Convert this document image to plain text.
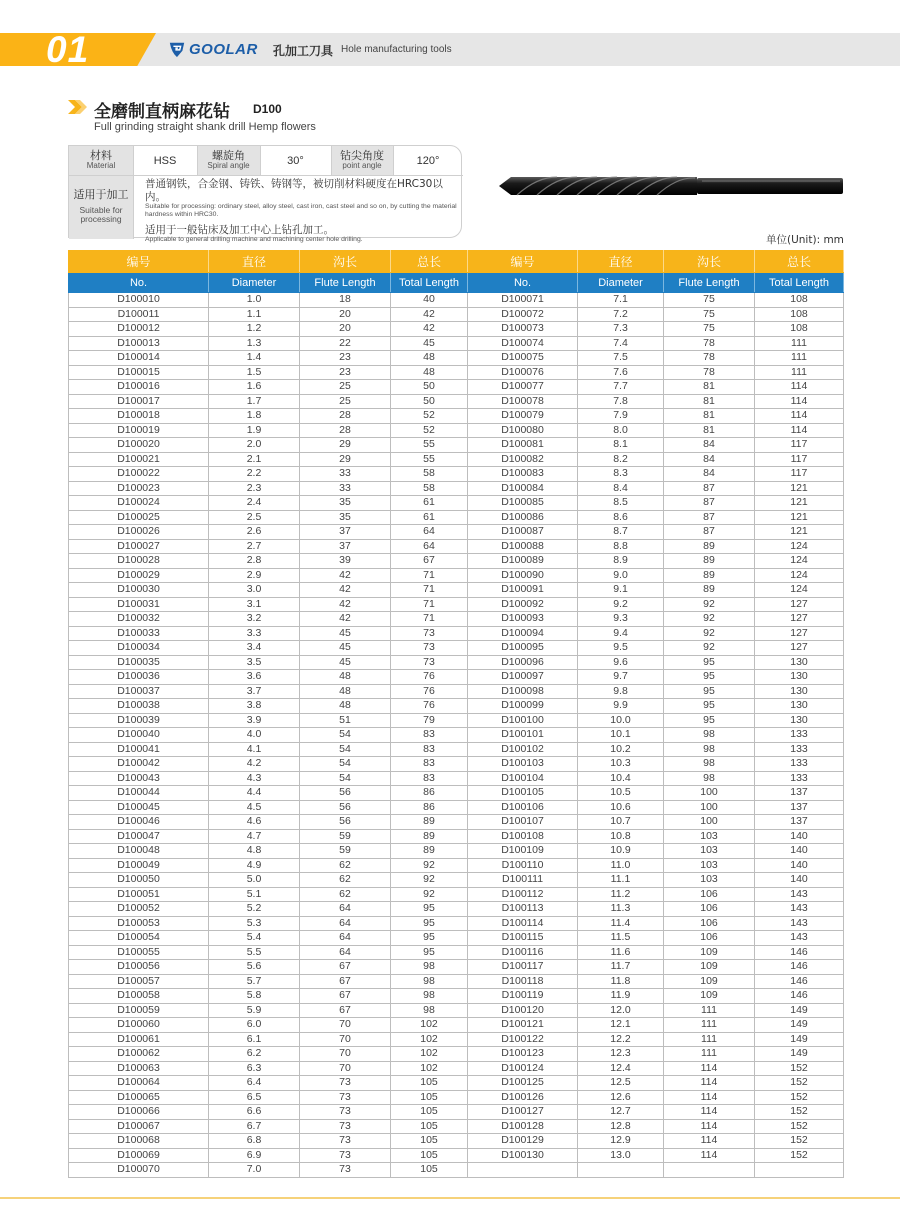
01	GOOLAR 孔加工刀具 Hole manufacturing tools
全磨制直柄麻花钻 D100
Full grinding straight shank drill Hemp flowers
材料
Material	HSS	螺旋角
Spiral angle	30°	钻尖角度
point angle	120°
适用于加工
Suitable for processing
普通钢铁，合金钢、铸铁、铸钢等，被切削材料硬度在HRC30以内。
Suitable for processing: ordinary steel, alloy steel, cast iron, cast steel and so on, by cutting the material hardness within HRC30.
适用于一般钻床及加工中心上钻孔加工。
Applicable to general drilling machine and machining center hole drilling.	单位(Unit): mm
编号	直径	沟长	总长	编号	直径	沟长	总长
No.	Diameter	Flute Length	Total Length	No.	Diameter	Flute Length	Total Length
D100010	1.0	18	40	D100071	7.1	75	108
D100011	1.1	20	42	D100072	7.2	75	108
D100012	1.2	20	42	D100073	7.3	75	108
D100013	1.3	22	45	D100074	7.4	78	111
D100014	1.4	23	48	D100075	7.5	78	111
D100015	1.5	23	48	D100076	7.6	78	111
D100016	1.6	25	50	D100077	7.7	81	114
D100017	1.7	25	50	D100078	7.8	81	114
D100018	1.8	28	52	D100079	7.9	81	114
D100019	1.9	28	52	D100080	8.0	81	114
D100020	2.0	29	55	D100081	8.1	84	117
D100021	2.1	29	55	D100082	8.2	84	117
D100022	2.2	33	58	D100083	8.3	84	117
D100023	2.3	33	58	D100084	8.4	87	121
D100024	2.4	35	61	D100085	8.5	87	121
D100025	2.5	35	61	D100086	8.6	87	121
D100026	2.6	37	64	D100087	8.7	87	121
D100027	2.7	37	64	D100088	8.8	89	124
D100028	2.8	39	67	D100089	8.9	89	124
D100029	2.9	42	71	D100090	9.0	89	124
D100030	3.0	42	71	D100091	9.1	89	124
D100031	3.1	42	71	D100092	9.2	92	127
D100032	3.2	42	71	D100093	9.3	92	127
D100033	3.3	45	73	D100094	9.4	92	127
D100034	3.4	45	73	D100095	9.5	92	127
D100035	3.5	45	73	D100096	9.6	95	130
D100036	3.6	48	76	D100097	9.7	95	130
D100037	3.7	48	76	D100098	9.8	95	130
D100038	3.8	48	76	D100099	9.9	95	130
D100039	3.9	51	79	D100100	10.0	95	130
D100040	4.0	54	83	D100101	10.1	98	133
D100041	4.1	54	83	D100102	10.2	98	133
D100042	4.2	54	83	D100103	10.3	98	133
D100043	4.3	54	83	D100104	10.4	98	133
D100044	4.4	56	86	D100105	10.5	100	137
D100045	4.5	56	86	D100106	10.6	100	137
D100046	4.6	56	89	D100107	10.7	100	137
D100047	4.7	59	89	D100108	10.8	103	140
D100048	4.8	59	89	D100109	10.9	103	140
D100049	4.9	62	92	D100110	11.0	103	140
D100050	5.0	62	92	D100111	11.1	103	140
D100051	5.1	62	92	D100112	11.2	106	143
D100052	5.2	64	95	D100113	11.3	106	143
D100053	5.3	64	95	D100114	11.4	106	143
D100054	5.4	64	95	D100115	11.5	106	143
D100055	5.5	64	95	D100116	11.6	109	146
D100056	5.6	67	98	D100117	11.7	109	146
D100057	5.7	67	98	D100118	11.8	109	146
D100058	5.8	67	98	D100119	11.9	109	146
D100059	5.9	67	98	D100120	12.0	111	149
D100060	6.0	70	102	D100121	12.1	111	149
D100061	6.1	70	102	D100122	12.2	111	149
D100062	6.2	70	102	D100123	12.3	111	149
D100063	6.3	70	102	D100124	12.4	114	152
D100064	6.4	73	105	D100125	12.5	114	152
D100065	6.5	73	105	D100126	12.6	114	152
D100066	6.6	73	105	D100127	12.7	114	152
D100067	6.7	73	105	D100128	12.8	114	152
D100068	6.8	73	105	D100129	12.9	114	152
D100069	6.9	73	105	D100130	13.0	114	152
D100070	7.0	73	105				
